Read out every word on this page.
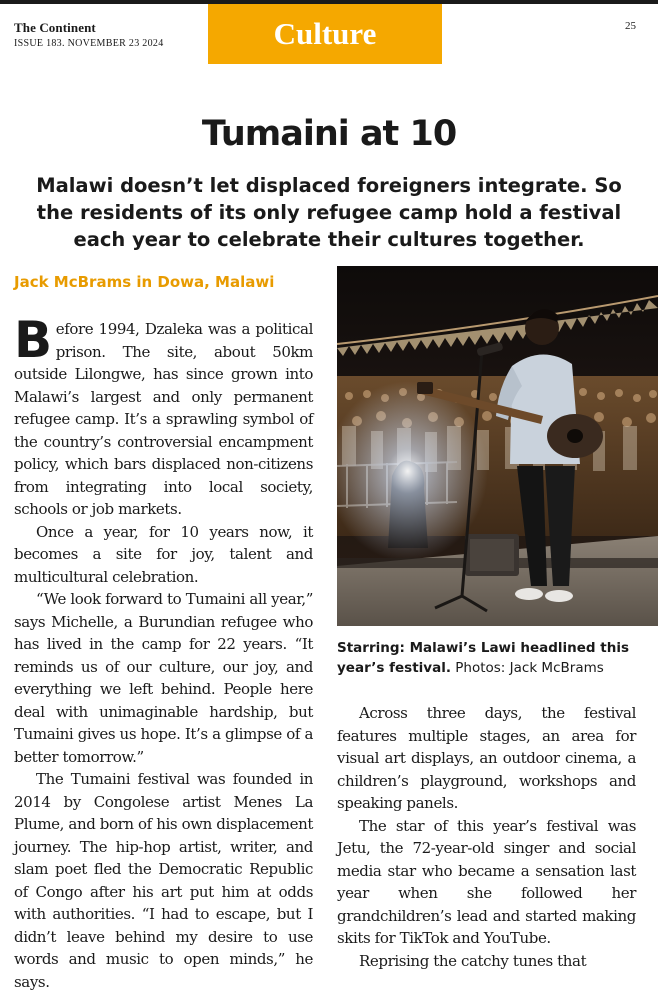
The Continent
ISSUE 183. NOVEMBER 23 2024	Culture	25
Tumaini at 10

Malawi doesn’t let displaced foreigners integrate. So the residents of its only refugee camp hold a festival each year to celebrate their cultures together.

Jack McBrams in Dowa, Malawi

Before 1994, Dzaleka was a political prison. The site, about 50km outside Lilongwe, has since grown into Malawi’s largest and only permanent refugee camp. It’s a sprawling symbol of the country’s controversial encampment policy, which bars displaced non-citizens from integrating into local society, schools or job markets.

Once a year, for 10 years now, it becomes a site for joy, talent and multicultural celebration.

“We look forward to Tumaini all year,” says Michelle, a Burundian refugee who has lived in the camp for 22 years. “It reminds us of our culture, our joy, and everything we left behind. People here deal with unimaginable hardship, but Tumaini gives us hope. It’s a glimpse of a better tomorrow.”

The Tumaini festival was founded in 2014 by Congolese artist Menes La Plume, and born of his own displacement journey. The hip-hop artist, writer, and slam poet fled the Democratic Republic of Congo after his art put him at odds with authorities. “I had to escape, but I didn’t leave behind my desire to use words and music to open minds,” he says.

Starring: Malawi’s Lawi headlined this year’s festival. Photos: Jack McBrams

Across three days, the festival features multiple stages, an area for visual art displays, an outdoor cinema, a children’s playground, workshops and speaking panels.

The star of this year’s festival was Jetu, the 72-year-old singer and social media star who became a sensation last year when she followed her grandchildren’s lead and started making skits for TikTok and YouTube.

Reprising the catchy tunes that
